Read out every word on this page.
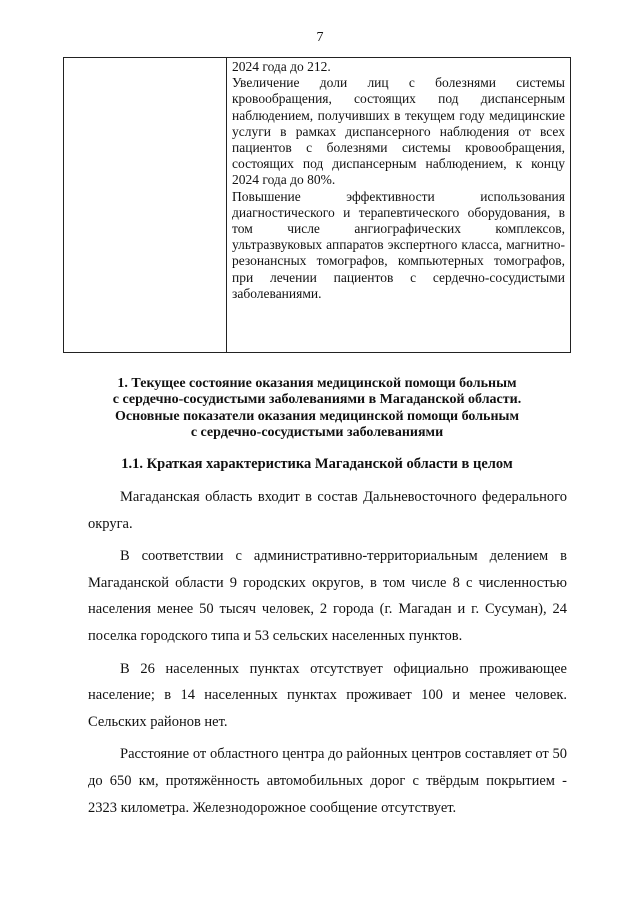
7

2024 года до 212.

Увеличение доли лиц с болезнями системы кровообращения, состоящих под диспансерным наблюдением, получивших в текущем году медицинские услуги в рамках диспансерного наблюдения от всех пациентов с болезнями системы кровообращения, состоящих под диспансерным наблюдением, к концу 2024 года до 80%.

Повышение эффективности использования диагностического и терапевтического оборудования, в том числе ангиографических комплексов, ультразвуковых аппаратов экспертного класса, магнитно-резонансных томографов, компьютерных томографов, при лечении пациентов с сердечно-сосудистыми заболеваниями.

1. Текущее состояние оказания медицинской помощи больным
с сердечно-сосудистыми заболеваниями в Магаданской области.
Основные показатели оказания медицинской помощи больным
с сердечно-сосудистыми заболеваниями
1.1. Краткая характеристика Магаданской области в целом

Магаданская область входит в состав Дальневосточного федерального округа.

В соответствии с административно-территориальным делением в Магаданской области 9 городских округов, в том числе 8 с численностью населения менее 50 тысяч человек, 2 города (г. Магадан и г. Сусуман), 24 поселка городского типа и 53 сельских населенных пунктов.

В 26 населенных пунктах отсутствует официально проживающее население; в 14 населенных пунктах проживает 100 и менее человек. Сельских районов нет.

Расстояние от областного центра до районных центров составляет от 50 до 650 км, протяжённость автомобильных дорог с твёрдым покрытием - 2323 километра. Железнодорожное сообщение отсутствует.
